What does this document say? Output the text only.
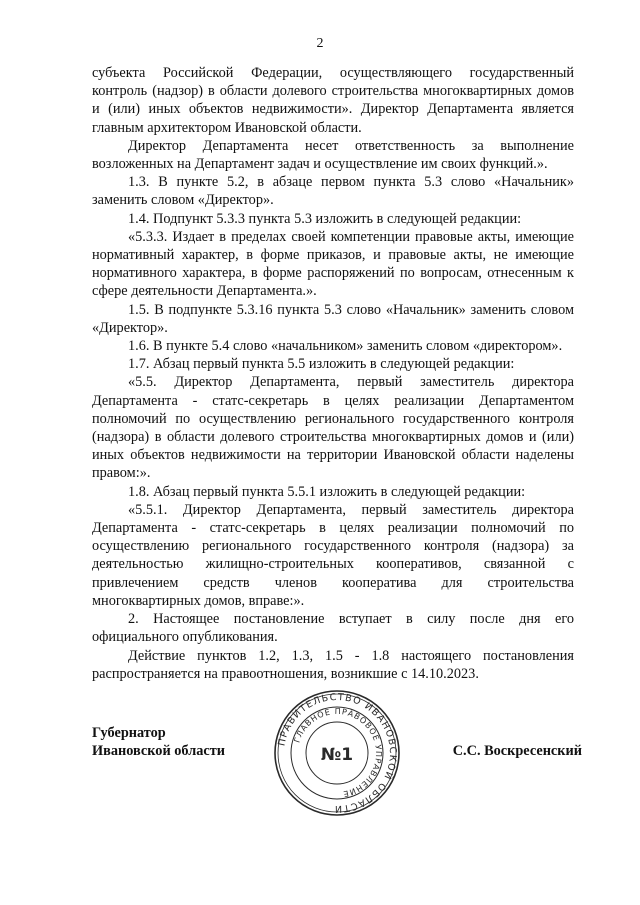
2

субъекта Российской Федерации, осуществляющего государственный контроль (надзор) в области долевого строительства многоквартирных домов и (или) иных объектов недвижимости». Директор Департамента является главным архитектором Ивановской области.

Директор Департамента несет ответственность за выполнение возложенных на Департамент задач и осуществление им своих функций.».

1.3. В пункте 5.2, в абзаце первом пункта 5.3 слово «Начальник» заменить словом «Директор».

1.4. Подпункт 5.3.3 пункта 5.3 изложить в следующей редакции:

«5.3.3. Издает в пределах своей компетенции правовые акты, имеющие нормативный характер, в форме приказов, и правовые акты, не имеющие нормативного характера, в форме распоряжений по вопросам, отнесенным к сфере деятельности Департамента.».

1.5. В подпункте 5.3.16 пункта 5.3 слово «Начальник» заменить словом «Директор».

1.6. В пункте 5.4 слово «начальником» заменить словом «директором».

1.7. Абзац первый пункта 5.5 изложить в следующей редакции:

«5.5. Директор Департамента, первый заместитель директора Департамента - статс-секретарь в целях реализации Департаментом полномочий по осуществлению регионального государственного контроля (надзора) в области долевого строительства многоквартирных домов и (или) иных объектов недвижимости на территории Ивановской области наделены правом:».

1.8. Абзац первый пункта 5.5.1 изложить в следующей редакции:

«5.5.1. Директор Департамента, первый заместитель директора Департамента - статс-секретарь в целях реализации полномочий по осуществлению регионального государственного контроля (надзора) за деятельностью жилищно-строительных кооперативов, связанной с привлечением средств членов кооператива для строительства многоквартирных домов, вправе:».

2. Настоящее постановление вступает в силу после дня его официального опубликования.

Действие пунктов 1.2, 1.3, 1.5 - 1.8 настоящего постановления распространяется на правоотношения, возникшие с 14.10.2023.

Губернатор
Ивановской области
ПРАВИТЕЛЬСТВО ИВАНОВСКОЙ ОБЛАСТИ
ГЛАВНОЕ ПРАВОВОЕ УПРАВЛЕНИЕ
№1	С.С. Воскресенский
